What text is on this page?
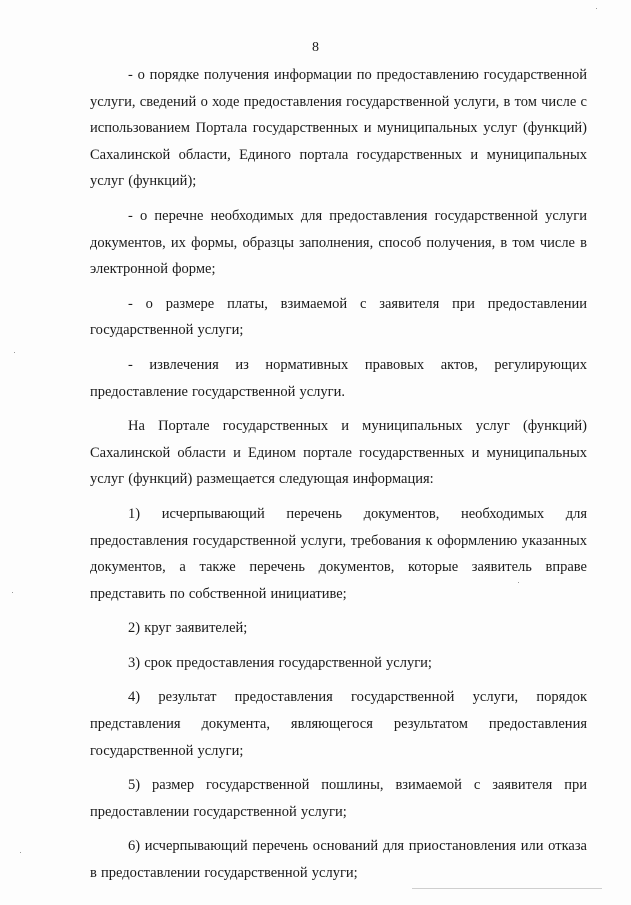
8

- о порядке получения информации по предоставлению государственной услуги, сведений о ходе предоставления государственной услуги, в том числе с использованием Портала государственных и муниципальных услуг (функций) Сахалинской области, Единого портала государственных и муниципальных услуг (функций);

- о перечне необходимых для предоставления государственной услуги документов, их формы, образцы заполнения, способ получения, в том числе в электронной форме;

- о размере платы, взимаемой с заявителя при предоставлении государственной услуги;

- извлечения из нормативных правовых актов, регулирующих предоставление государственной услуги.

На Портале государственных и муниципальных услуг (функций) Сахалинской области и Едином портале государственных и муниципальных услуг (функций) размещается следующая информация:

1) исчерпывающий перечень документов, необходимых для предоставления государственной услуги, требования к оформлению указанных документов, а также перечень документов, которые заявитель вправе представить по собственной инициативе;

2) круг заявителей;

3) срок предоставления государственной услуги;

4) результат предоставления государственной услуги, порядок представления документа, являющегося результатом предоставления государственной услуги;

5) размер государственной пошлины, взимаемой с заявителя при предоставлении государственной услуги;

6) исчерпывающий перечень оснований для приостановления или отказа в предоставлении государственной услуги;
